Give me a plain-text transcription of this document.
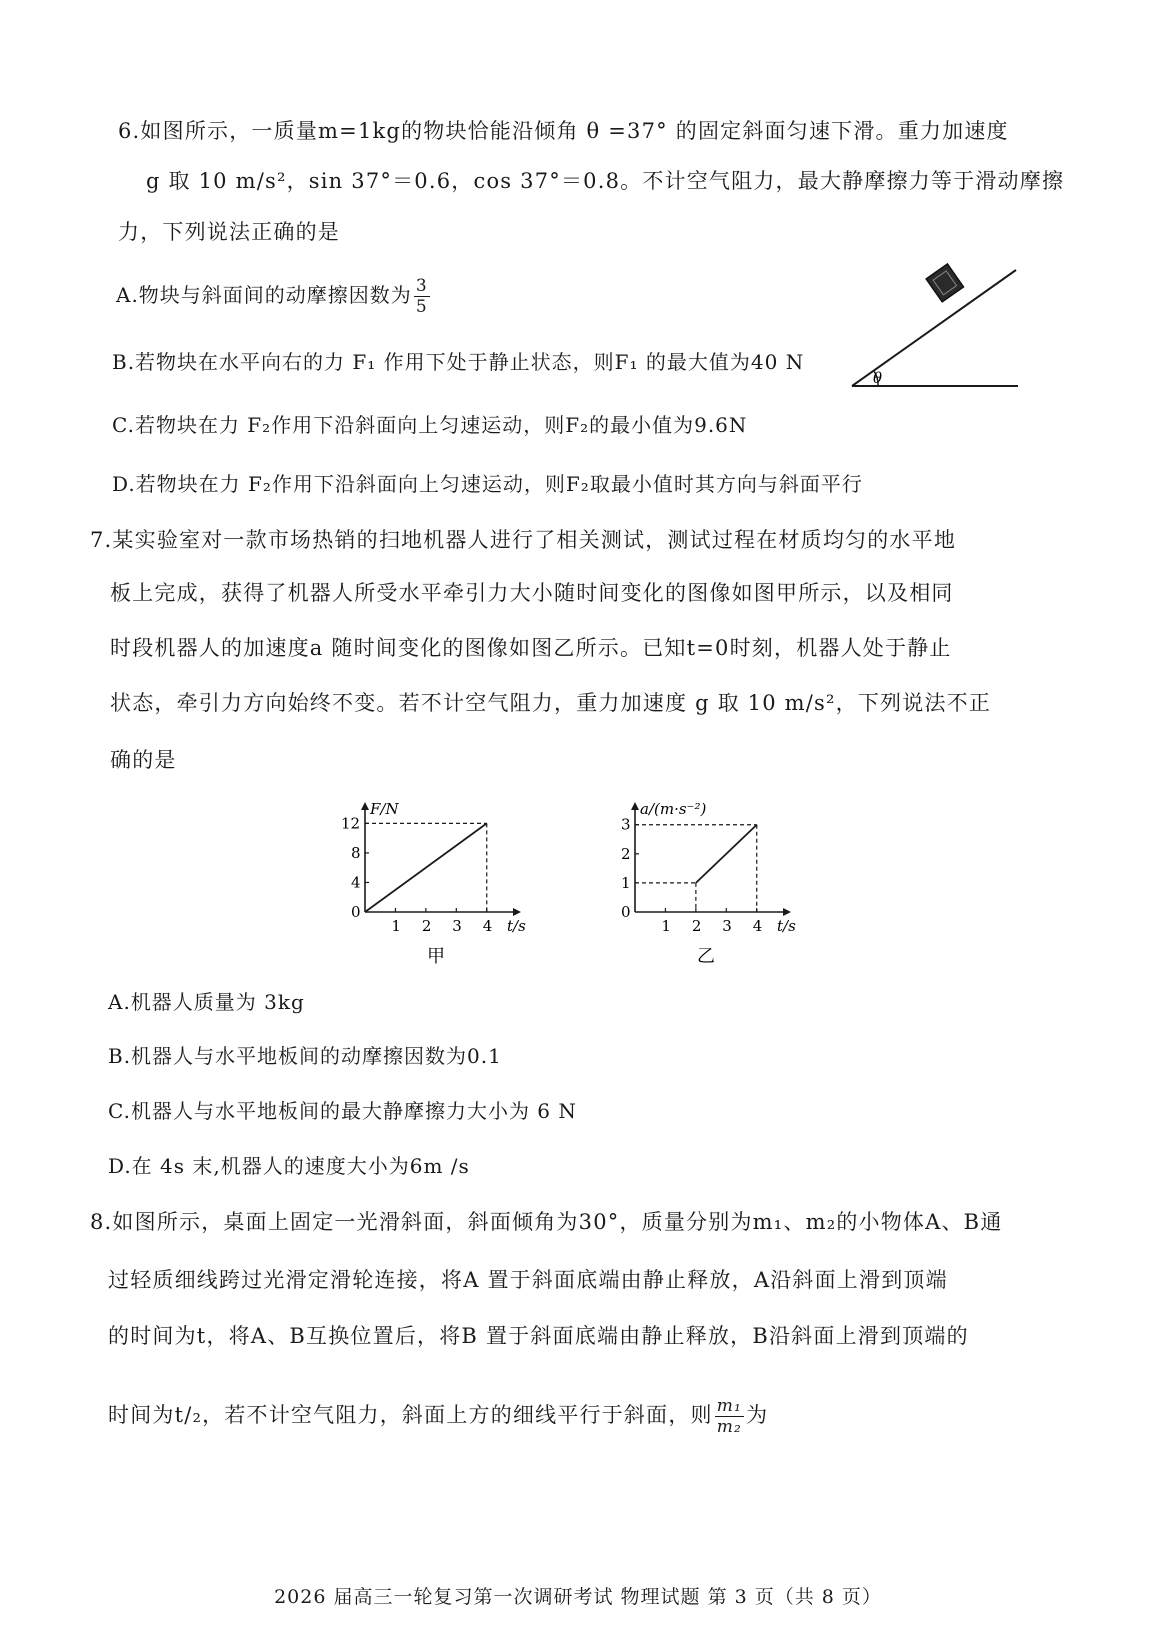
6.如图所示，一质量m=1kg的物块恰能沿倾角 θ =37° 的固定斜面匀速下滑。重力加速度
g 取 10 m/s²，sin 37°＝0.6，cos 37°＝0.8。不计空气阻力，最大静摩擦力等于滑动摩擦
力，下列说法正确的是
A.物块与斜面间的动摩擦因数为 $\frac{3}{5}$
B.若物块在水平向右的力 F₁ 作用下处于静止状态，则F₁ 的最大值为40 N
C.若物块在力 F₂作用下沿斜面向上匀速运动，则F₂的最小值为9.6N
D.若物块在力 F₂作用下沿斜面向上匀速运动，则F₂取最小值时其方向与斜面平行
θ
7.某实验室对一款市场热销的扫地机器人进行了相关测试，测试过程在材质均匀的水平地
板上完成，获得了机器人所受水平牵引力大小随时间变化的图像如图甲所示，以及相同
时段机器人的加速度a 随时间变化的图像如图乙所示。已知t=0时刻，机器人处于静止
状态，牵引力方向始终不变。若不计空气阻力，重力加速度 g 取 10 m/s²，下列说法不正
确的是
F/N
t/s
1 2 3 4
0
4
8
12
甲
a/(m·s⁻²)
t/s
1 2 3 4
0
1
2
3
乙
A.机器人质量为 3kg
B.机器人与水平地板间的动摩擦因数为0.1
C.机器人与水平地板间的最大静摩擦力大小为 6 N
D.在 4s 末,机器人的速度大小为6m /s
8.如图所示，桌面上固定一光滑斜面，斜面倾角为30°，质量分别为m₁、m₂的小物体A、B通
过轻质细线跨过光滑定滑轮连接，将A 置于斜面底端由静止释放，A沿斜面上滑到顶端
的时间为t，将A、B互换位置后，将B 置于斜面底端由静止释放，B沿斜面上滑到顶端的
时间为t/₂，若不计空气阻力，斜面上方的细线平行于斜面，则 $\frac{\text{m₁}}{\text{m₂}}$ 为
2026 届高三一轮复习第一次调研考试 物理试题 第 3 页（共 8 页）
